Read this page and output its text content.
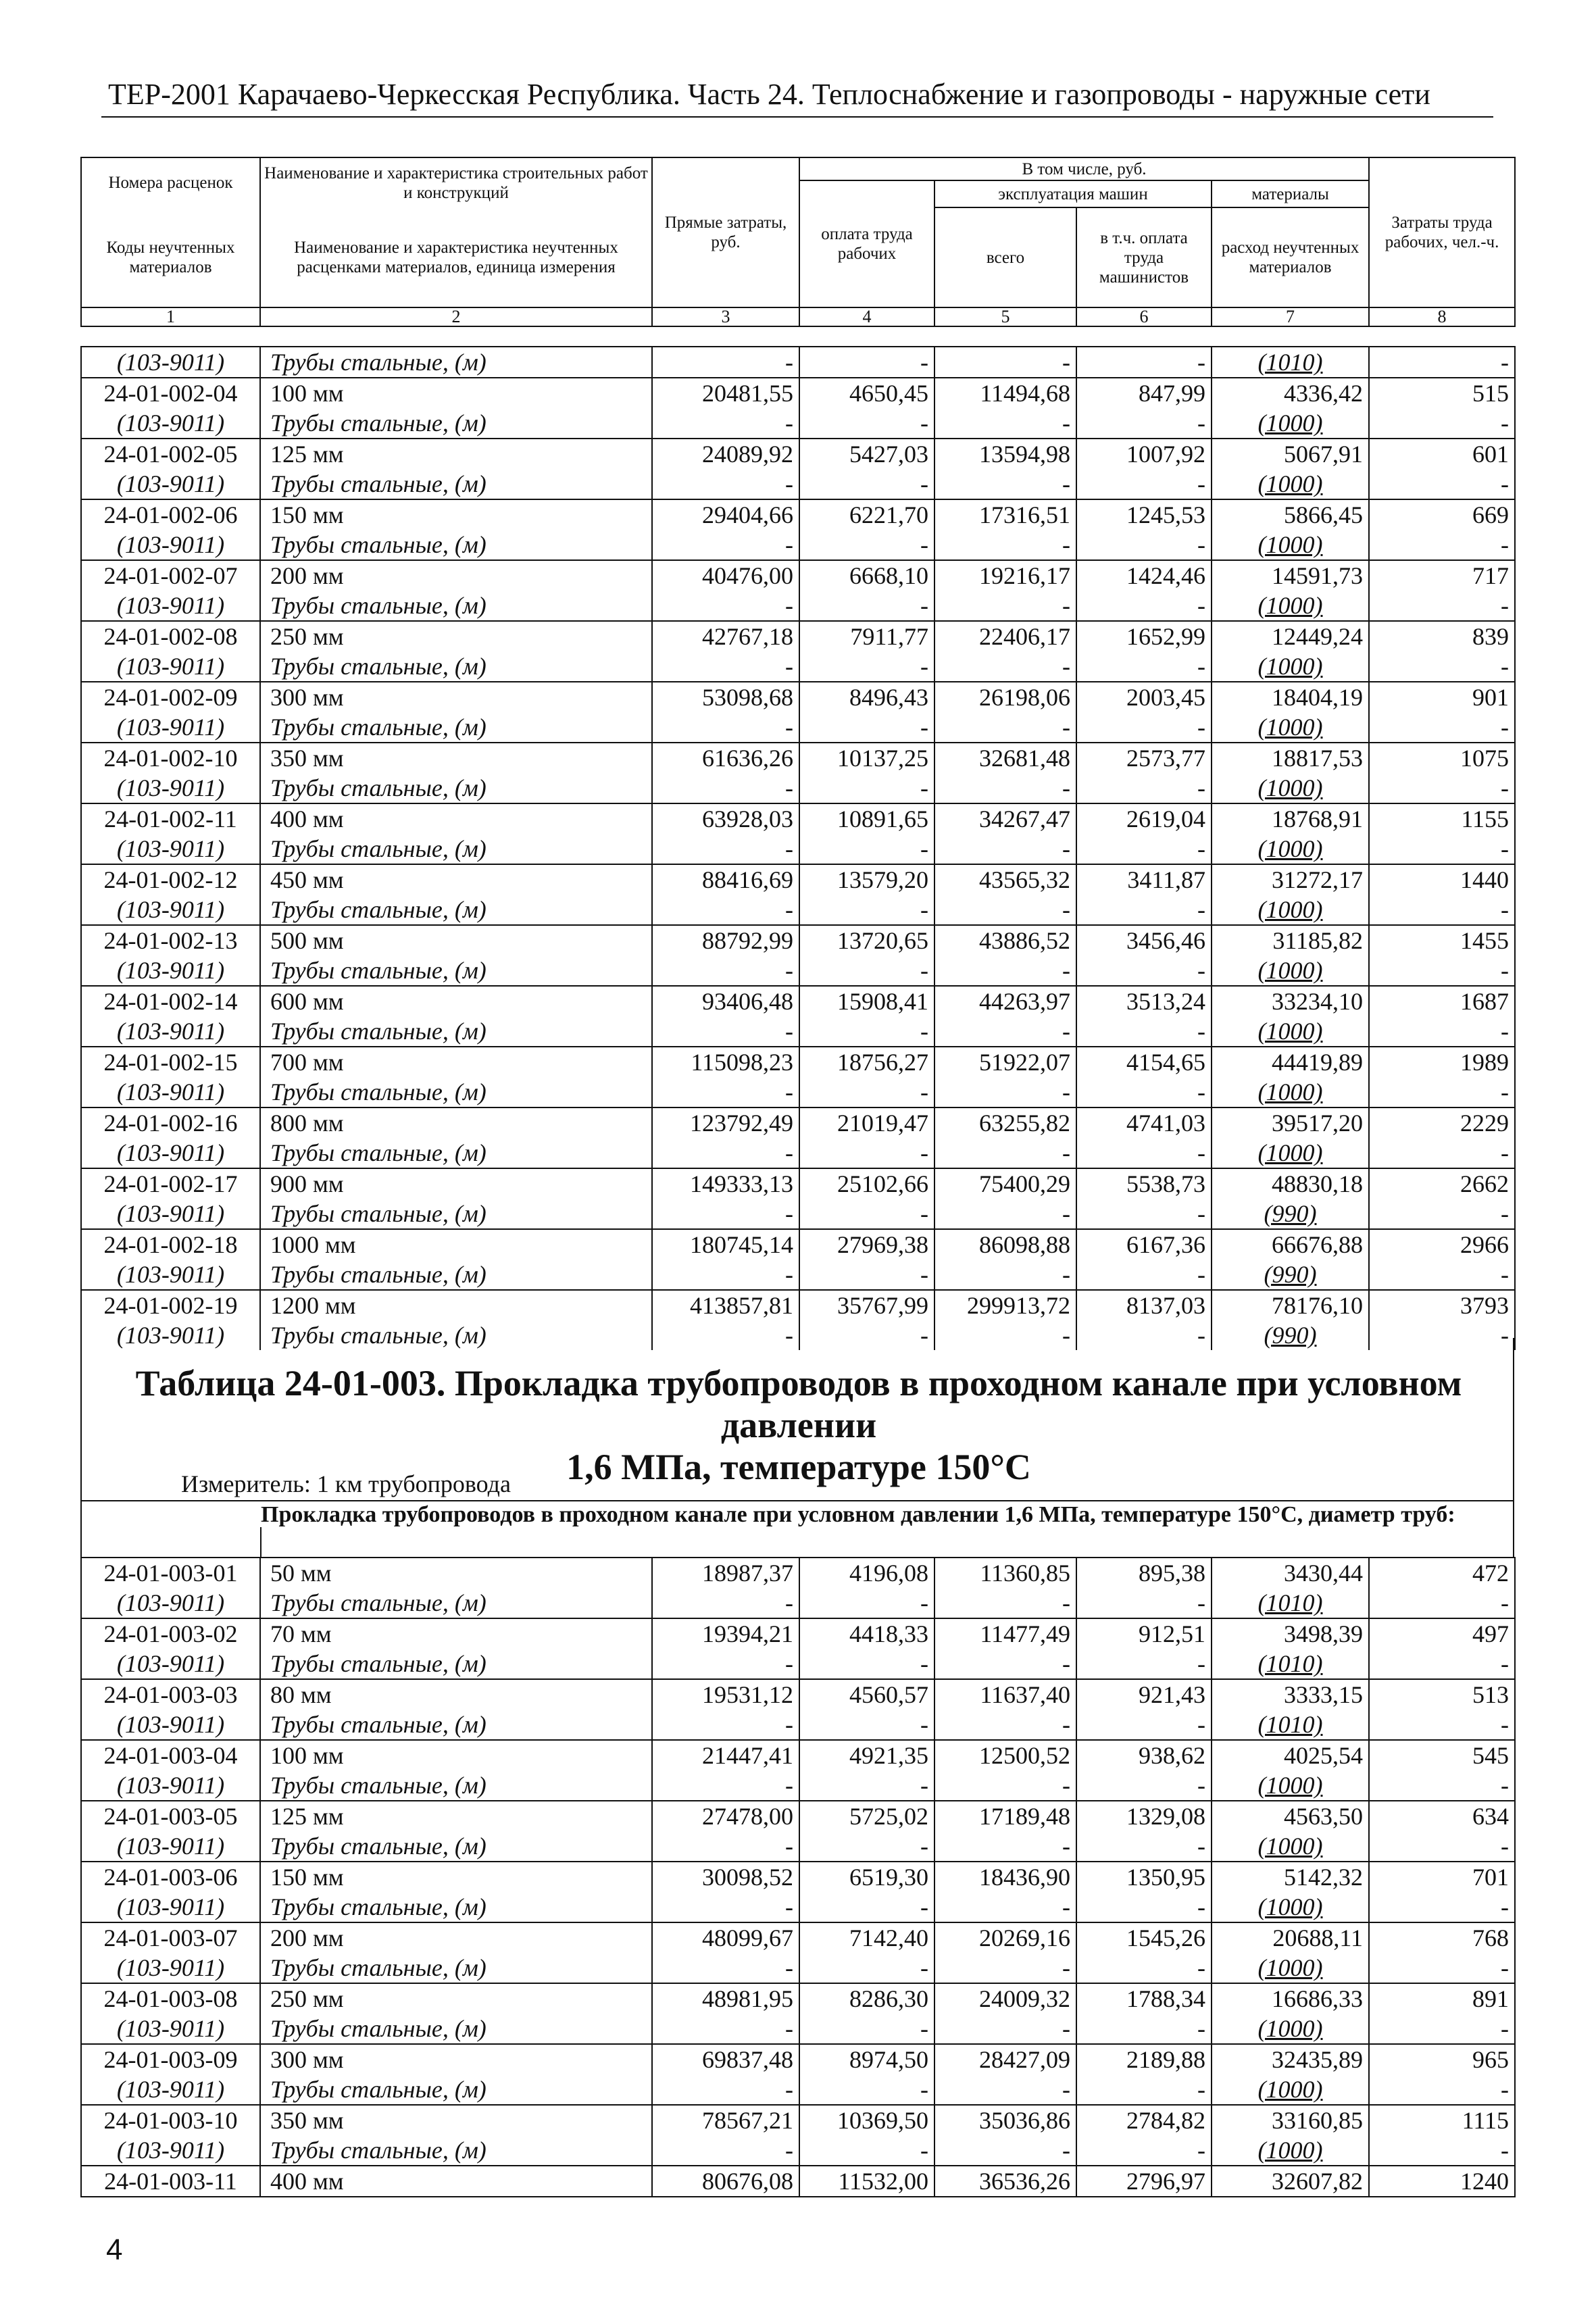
ТЕР-2001 Карачаево-Черкесская Республика. Часть 24. Теплоснабжение и газопроводы - наружные сети
Номера расценок	Наименование и характеристика строительных работ и конструкций	Прямые затраты, руб.	В том числе, руб.				Затраты труда рабочих, чел.-ч.
			оплата труда рабочих	эксплуатация машин		материалы	
Коды неучтенных материалов	Наименование и характеристика неучтенных расценками материалов, единица измерения			всего	в т.ч. оплата труда машинистов	расход неучтенных материалов	

1	2	3	4	5	6	7	8
(103-9011)	Трубы стальные, (м)	-	-	-	-	(1010)	-
24-01-002-04	100 мм	20481,55	4650,45	11494,68	847,99	4336,42	515
(103-9011)	Трубы стальные, (м)	-	-	-	-	(1000)	-
24-01-002-05	125 мм	24089,92	5427,03	13594,98	1007,92	5067,91	601
(103-9011)	Трубы стальные, (м)	-	-	-	-	(1000)	-
24-01-002-06	150 мм	29404,66	6221,70	17316,51	1245,53	5866,45	669
(103-9011)	Трубы стальные, (м)	-	-	-	-	(1000)	-
24-01-002-07	200 мм	40476,00	6668,10	19216,17	1424,46	14591,73	717
(103-9011)	Трубы стальные, (м)	-	-	-	-	(1000)	-
24-01-002-08	250 мм	42767,18	7911,77	22406,17	1652,99	12449,24	839
(103-9011)	Трубы стальные, (м)	-	-	-	-	(1000)	-
24-01-002-09	300 мм	53098,68	8496,43	26198,06	2003,45	18404,19	901
(103-9011)	Трубы стальные, (м)	-	-	-	-	(1000)	-
24-01-002-10	350 мм	61636,26	10137,25	32681,48	2573,77	18817,53	1075
(103-9011)	Трубы стальные, (м)	-	-	-	-	(1000)	-
24-01-002-11	400 мм	63928,03	10891,65	34267,47	2619,04	18768,91	1155
(103-9011)	Трубы стальные, (м)	-	-	-	-	(1000)	-
24-01-002-12	450 мм	88416,69	13579,20	43565,32	3411,87	31272,17	1440
(103-9011)	Трубы стальные, (м)	-	-	-	-	(1000)	-
24-01-002-13	500 мм	88792,99	13720,65	43886,52	3456,46	31185,82	1455
(103-9011)	Трубы стальные, (м)	-	-	-	-	(1000)	-
24-01-002-14	600 мм	93406,48	15908,41	44263,97	3513,24	33234,10	1687
(103-9011)	Трубы стальные, (м)	-	-	-	-	(1000)	-
24-01-002-15	700 мм	115098,23	18756,27	51922,07	4154,65	44419,89	1989
(103-9011)	Трубы стальные, (м)	-	-	-	-	(1000)	-
24-01-002-16	800 мм	123792,49	21019,47	63255,82	4741,03	39517,20	2229
(103-9011)	Трубы стальные, (м)	-	-	-	-	(1000)	-
24-01-002-17	900 мм	149333,13	25102,66	75400,29	5538,73	48830,18	2662
(103-9011)	Трубы стальные, (м)	-	-	-	-	(990)	-
24-01-002-18	1000 мм	180745,14	27969,38	86098,88	6167,36	66676,88	2966
(103-9011)	Трубы стальные, (м)	-	-	-	-	(990)	-
24-01-002-19	1200 мм	413857,81	35767,99	299913,72	8137,03	78176,10	3793
(103-9011)	Трубы стальные, (м)	-	-	-	-	(990)	-
Таблица 24-01-003. Прокладка трубопроводов в проходном канале при условном давлении
1,6 МПа, температуре 150°С
Измеритель: 1 км трубопровода
Прокладка трубопроводов в проходном канале при условном давлении 1,6 МПа, температуре 150°С, диаметр труб:
24-01-003-01	50 мм	18987,37	4196,08	11360,85	895,38	3430,44	472
(103-9011)	Трубы стальные, (м)	-	-	-	-	(1010)	-
24-01-003-02	70 мм	19394,21	4418,33	11477,49	912,51	3498,39	497
(103-9011)	Трубы стальные, (м)	-	-	-	-	(1010)	-
24-01-003-03	80 мм	19531,12	4560,57	11637,40	921,43	3333,15	513
(103-9011)	Трубы стальные, (м)	-	-	-	-	(1010)	-
24-01-003-04	100 мм	21447,41	4921,35	12500,52	938,62	4025,54	545
(103-9011)	Трубы стальные, (м)	-	-	-	-	(1000)	-
24-01-003-05	125 мм	27478,00	5725,02	17189,48	1329,08	4563,50	634
(103-9011)	Трубы стальные, (м)	-	-	-	-	(1000)	-
24-01-003-06	150 мм	30098,52	6519,30	18436,90	1350,95	5142,32	701
(103-9011)	Трубы стальные, (м)	-	-	-	-	(1000)	-
24-01-003-07	200 мм	48099,67	7142,40	20269,16	1545,26	20688,11	768
(103-9011)	Трубы стальные, (м)	-	-	-	-	(1000)	-
24-01-003-08	250 мм	48981,95	8286,30	24009,32	1788,34	16686,33	891
(103-9011)	Трубы стальные, (м)	-	-	-	-	(1000)	-
24-01-003-09	300 мм	69837,48	8974,50	28427,09	2189,88	32435,89	965
(103-9011)	Трубы стальные, (м)	-	-	-	-	(1000)	-
24-01-003-10	350 мм	78567,21	10369,50	35036,86	2784,82	33160,85	1115
(103-9011)	Трубы стальные, (м)	-	-	-	-	(1000)	-
24-01-003-11	400 мм	80676,08	11532,00	36536,26	2796,97	32607,82	1240
4
